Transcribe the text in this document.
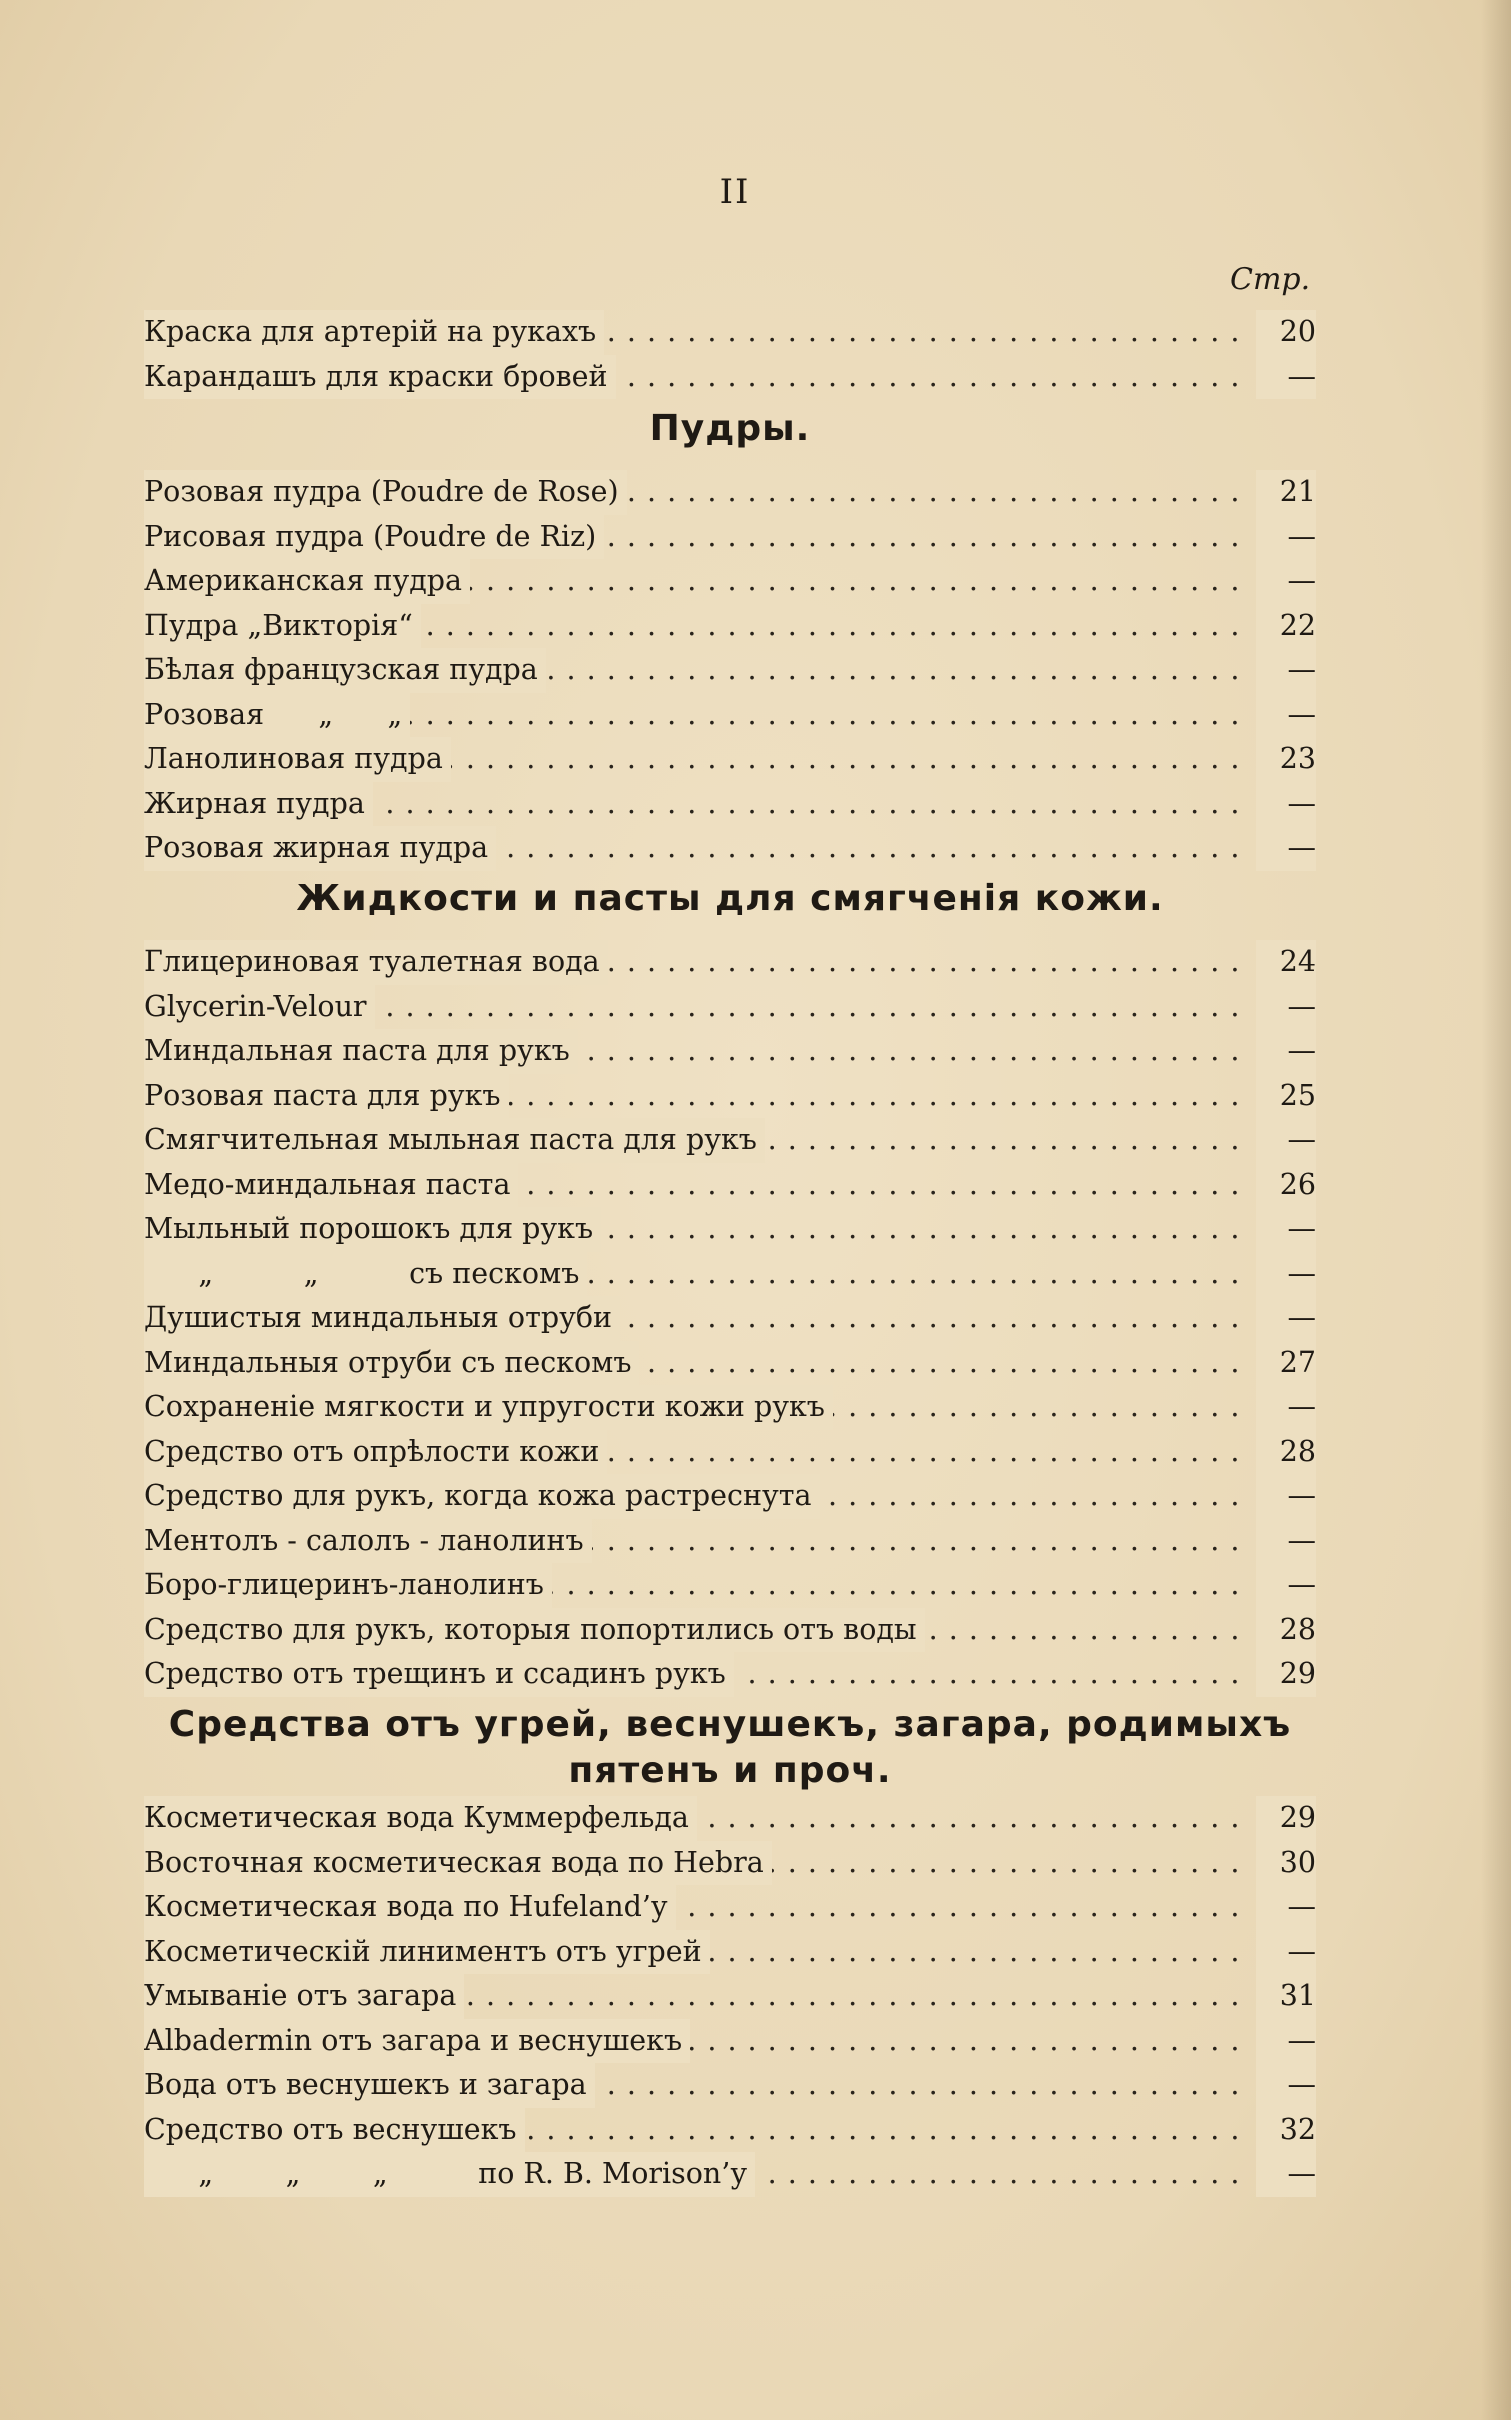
II
Стр.
. . .
Краска для артерій на рукахъ	20
. . .
Карандашъ для краски бровей	—
Пудры.
. . .
Розовая пудра (Poudre de Rose)	21
. . .
Рисовая пудра (Poudre de Riz)	—
. . .
Американская пудра	—
. . .
Пудра „Викторія“	22
. . .
Бѣлая французская пудра	—
. . .
Розовая      „      „	—
. . .
Ланолиновая пудра	23
. . .
Жирная пудра	—
. . .
Розовая жирная пудра	—
Жидкости и пасты для смягченія кожи.
. . .
Глицериновая туалетная вода	24
. . .
Glycerin-Velour	—
. . .
Миндальная паста для рукъ	—
. . .
Розовая паста для рукъ	25
. . .
Смягчительная мыльная паста для рукъ	—
. . .
Медо-миндальная паста	26
. . .
Мыльный порошокъ для рукъ	—
. . .
„          „          съ пескомъ	—
. . .
Душистыя миндальныя отруби	—
. . .
Миндальныя отруби съ пескомъ	27
. . .
Сохраненіе мягкости и упругости кожи рукъ	—
. . .
Средство отъ опрѣлости кожи	28
. . .
Средство для рукъ, когда кожа растреснута	—
. . .
Ментолъ - салолъ - ланолинъ	—
. . .
Боро-глицеринъ-ланолинъ	—
. . .
Средство для рукъ, которыя попортились отъ воды	28
. . .
Средство отъ трещинъ и ссадинъ рукъ	29
Средства отъ угрей, веснушекъ, загара, родимыхъ пятенъ и проч.
. . .
Косметическая вода Куммерфельда	29
. . .
Восточная косметическая вода по Hebra	30
. . .
Косметическая вода по Hufeland’у	—
. . .
Косметическій линиментъ отъ угрей	—
. . .
Умываніе отъ загара	31
. . .
Albadermin отъ загара и веснушекъ	—
. . .
Вода отъ веснушекъ и загара	—
. . .
Средство отъ веснушекъ	32
. . .
„        „        „          по R. B. Morison’у	—
